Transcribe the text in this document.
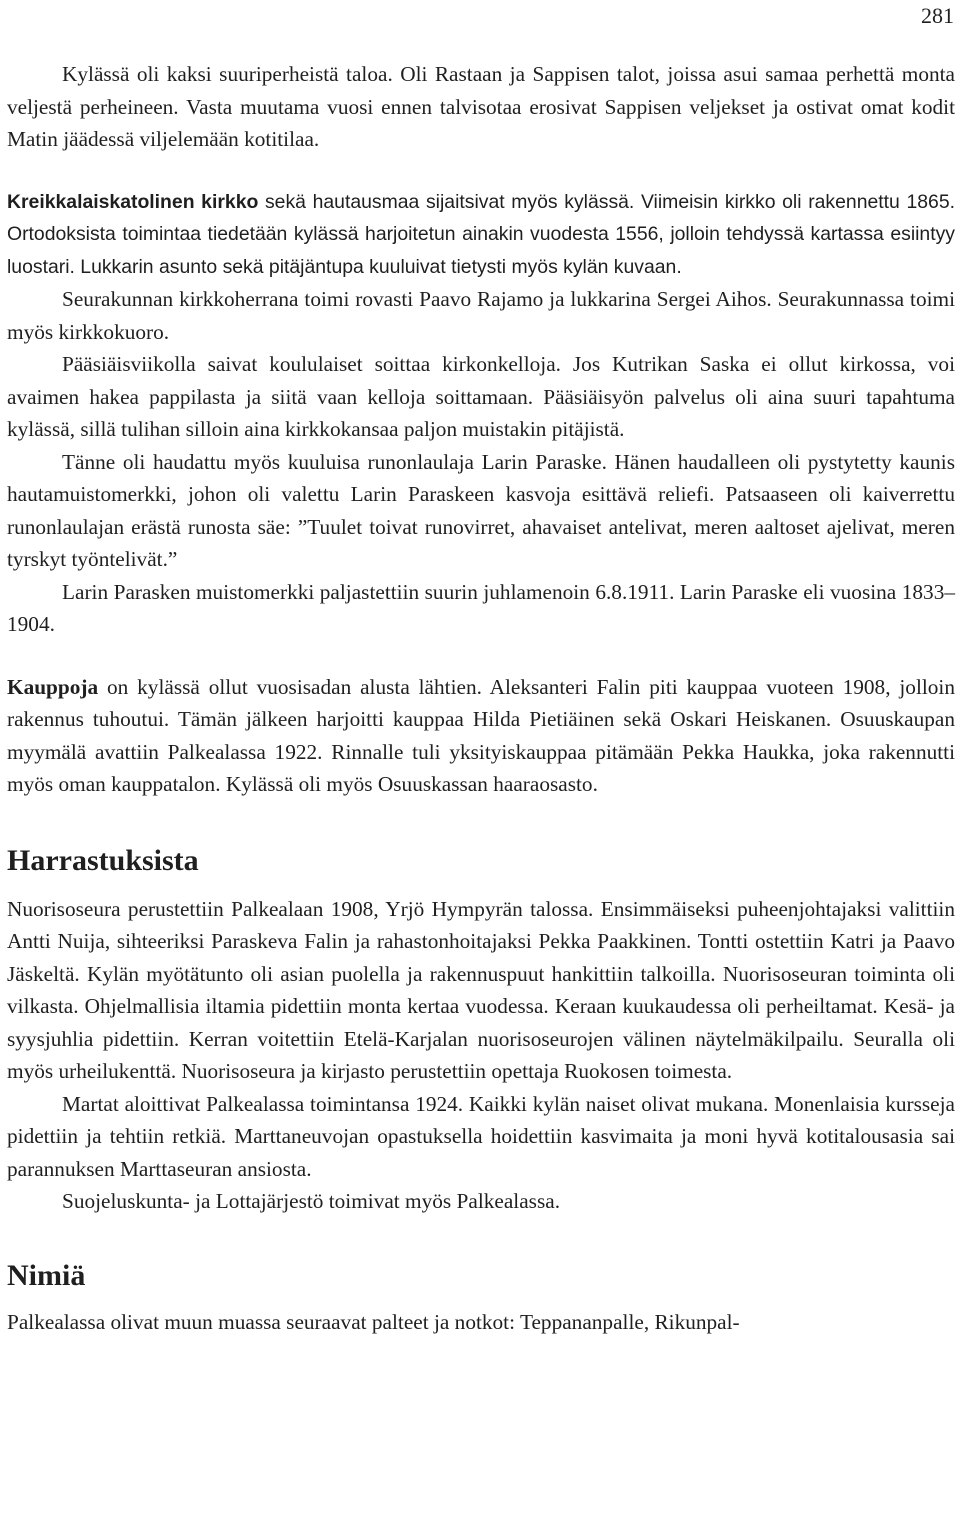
281

Kylässä oli kaksi suuriperheistä taloa. Oli Rastaan ja Sappisen talot, joissa asui samaa perhettä monta veljestä perheineen. Vasta muutama vuosi ennen talvisotaa erosivat Sappisen veljekset ja ostivat omat kodit Matin jäädessä viljelemään kotitilaa.

Kreikkalaiskatolinen kirkko sekä hautausmaa sijaitsivat myös kylässä. Viimeisin kirkko oli rakennettu 1865. Ortodoksista toimintaa tiedetään kylässä harjoitetun ainakin vuodesta 1556, jolloin tehdyssä kartassa esiintyy luostari. Lukkarin asunto sekä pitäjäntupa kuuluivat tietysti myös kylän kuvaan.

Seurakunnan kirkkoherrana toimi rovasti Paavo Rajamo ja lukkarina Sergei Aihos. Seurakunnassa toimi myös kirkkokuoro.

Pääsiäisviikolla saivat koululaiset soittaa kirkonkelloja. Jos Kutrikan Saska ei ollut kirkossa, voi avaimen hakea pappilasta ja siitä vaan kelloja soittamaan. Pääsiäisyön palvelus oli aina suuri tapahtuma kylässä, sillä tulihan silloin aina kirkkokansaa paljon muistakin pitäjistä.

Tänne oli haudattu myös kuuluisa runonlaulaja Larin Paraske. Hänen haudalleen oli pystytetty kaunis hautamuistomerkki, johon oli valettu Larin Paraskeen kasvoja esittävä reliefi. Patsaaseen oli kaiverrettu runonlaulajan erästä runosta säe: ”Tuulet toivat runovirret, ahavaiset antelivat, meren aaltoset ajelivat, meren tyrskyt työntelivät.”

Larin Parasken muistomerkki paljastettiin suurin juhlamenoin 6.8.1911. Larin Paraske eli vuosina 1833–1904.

Kauppoja on kylässä ollut vuosisadan alusta lähtien. Aleksanteri Falin piti kauppaa vuoteen 1908, jolloin rakennus tuhoutui. Tämän jälkeen harjoitti kauppaa Hilda Pietiäinen sekä Oskari Heiskanen. Osuuskaupan myymälä avattiin Palkealassa 1922. Rinnalle tuli yksityiskauppaa pitämään Pekka Haukka, joka rakennutti myös oman kauppatalon. Kylässä oli myös Osuuskassan haaraosasto.

Harrastuksista

Nuorisoseura perustettiin Palkealaan 1908, Yrjö Hympyrän talossa. Ensimmäiseksi puheenjohtajaksi valittiin Antti Nuija, sihteeriksi Paraskeva Falin ja rahastonhoitajaksi Pekka Paakkinen. Tontti ostettiin Katri ja Paavo Jäskeltä. Kylän myötätunto oli asian puolella ja rakennuspuut hankittiin talkoilla. Nuorisoseuran toiminta oli vilkasta. Ohjelmallisia iltamia pidettiin monta kertaa vuodessa. Keraan kuukaudessa oli perheiltamat. Kesä- ja syysjuhlia pidettiin. Kerran voitettiin Etelä-Karjalan nuorisoseurojen välinen näytelmäkilpailu. Seuralla oli myös urheilukenttä. Nuorisoseura ja kirjasto perustettiin opettaja Ruokosen toimesta.

Martat aloittivat Palkealassa toimintansa 1924. Kaikki kylän naiset olivat mukana. Monenlaisia kursseja pidettiin ja tehtiin retkiä. Marttaneuvojan opastuksella hoidettiin kasvimaita ja moni hyvä kotitalousasia sai parannuksen Marttaseuran ansiosta.

Suojeluskunta- ja Lottajärjestö toimivat myös Palkealassa.

Nimiä

Palkealassa olivat muun muassa seuraavat palteet ja notkot: Teppananpalle, Rikunpal-
